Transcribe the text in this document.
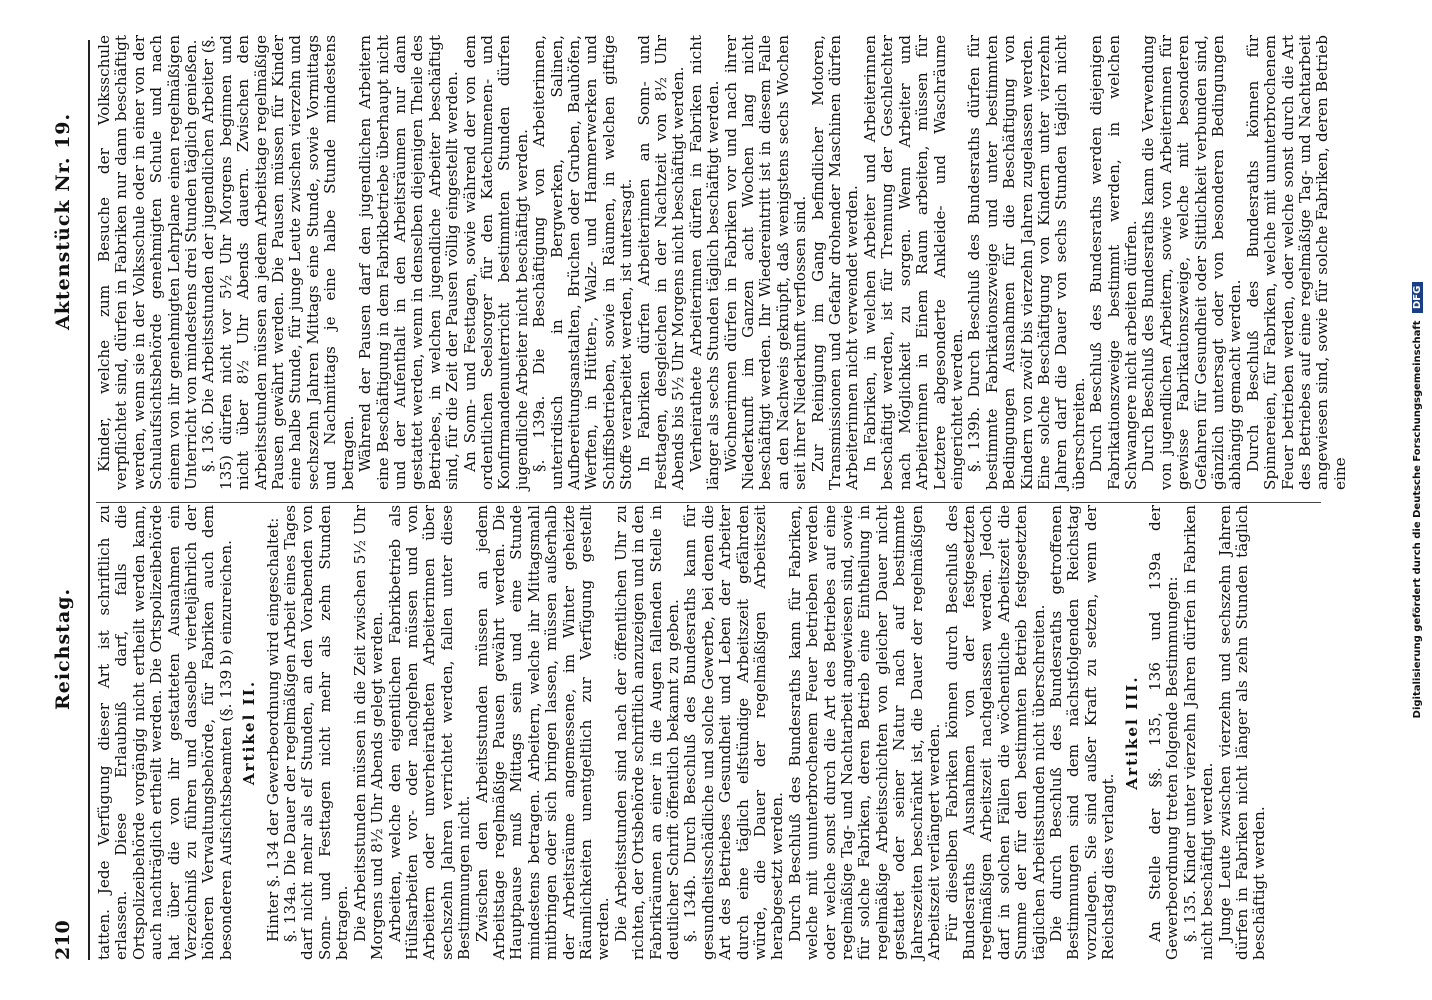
210
Reichstag.
Aktenstück Nr. 19.

tatten. Jede Verfügung dieser Art ist schriftlich zu erlassen. Diese Erlaubniß darf, falls die Ortspolizeibehörde vorgängig nicht ertheilt werden kann, auch nachträglich ertheilt werden. Die Ortspolizeibehörde hat über die von ihr gestatteten Ausnahmen ein Verzeichniß zu führen und dasselbe vierteljährlich der höheren Verwaltungsbehörde, für Fabriken auch dem besonderen Aufsichtsbeamten (§. 139 b) einzureichen. Artikel II. Hinter §. 134 der Gewerbeordnung wird eingeschaltet: §. 134a. Die Dauer der regelmäßigen Arbeit eines Tages darf nicht mehr als elf Stunden, an den Vorabenden von Sonn- und Festtagen nicht mehr als zehn Stunden betragen. Die Arbeitsstunden müssen in die Zeit zwischen 5½ Uhr Morgens und 8½ Uhr Abends gelegt werden. Arbeiten, welche den eigentlichen Fabrikbetrieb als Hülfsarbeiten vor- oder nachgehen müssen und von Arbeitern oder unverheiratheten Arbeiterinnen über sechszehn Jahren verrichtet werden, fallen unter diese Bestimmungen nicht. Zwischen den Arbeitsstunden müssen an jedem Arbeitstage regelmäßige Pausen gewährt werden. Die Hauptpause muß Mittags sein und eine Stunde mindestens betragen. Arbeitern, welche ihr Mittagsmahl mitbringen oder sich bringen lassen, müssen außerhalb der Arbeitsräume angemessene, im Winter geheizte Räumlichkeiten unentgeltlich zur Verfügung gestellt werden. Die Arbeitsstunden sind nach der öffentlichen Uhr zu richten, der Ortsbehörde schriftlich anzuzeigen und in den Fabrikräumen an einer in die Augen fallenden Stelle in deutlicher Schrift öffentlich bekannt zu geben. §. 134b. Durch Beschluß des Bundesraths kann für gesundheitsschädliche und solche Gewerbe, bei denen die Art des Betriebes Gesundheit und Leben der Arbeiter durch eine täglich elfstündige Arbeitszeit gefährden würde, die Dauer der regelmäßigen Arbeitszeit herabgesetzt werden. Durch Beschluß des Bundesraths kann für Fabriken, welche mit ununterbrochenem Feuer betrieben werden oder welche sonst durch die Art des Betriebes auf eine regelmäßige Tag- und Nachtarbeit angewiesen sind, sowie für solche Fabriken, deren Betrieb eine Eintheilung in regelmäßige Arbeitsschichten von gleicher Dauer nicht gestattet oder seiner Natur nach auf bestimmte Jahreszeiten beschränkt ist, die Dauer der regelmäßigen Arbeitszeit verlängert werden. Für dieselben Fabriken können durch Beschluß des Bundesraths Ausnahmen von der festgesetzten regelmäßigen Arbeitszeit nachgelassen werden. Jedoch darf in solchen Fällen die wöchentliche Arbeitszeit die Summe der für den bestimmten Betrieb festgesetzten täglichen Arbeitsstunden nicht überschreiten. Die durch Beschluß des Bundesraths getroffenen Bestimmungen sind dem nächstfolgenden Reichstag vorzulegen. Sie sind außer Kraft zu setzen, wenn der Reichstag dies verlangt.

Artikel III. An Stelle der §§. 135, 136 und 139a der Gewerbeordnung treten folgende Bestimmungen: §. 135. Kinder unter vierzehn Jahren dürfen in Fabriken nicht beschäftigt werden. Junge Leute zwischen vierzehn und sechszehn Jahren dürfen in Fabriken nicht länger als zehn Stunden täglich beschäftigt werden.

Kinder, welche zum Besuche der Volksschule verpflichtet sind, dürfen in Fabriken nur dann beschäftigt werden, wenn sie in der Volksschule oder in einer von der Schulaufsichtsbehörde genehmigten Schule und nach einem von ihr genehmigten Lehrplane einen regelmäßigen Unterricht von mindestens drei Stunden täglich genießen. §. 136. Die Arbeitsstunden der jugendlichen Arbeiter (§. 135) dürfen nicht vor 5½ Uhr Morgens beginnen und nicht über 8½ Uhr Abends dauern. Zwischen den Arbeitsstunden müssen an jedem Arbeitstage regelmäßige Pausen gewährt werden. Die Pausen müssen für Kinder eine halbe Stunde, für junge Leute zwischen vierzehn und sechszehn Jahren Mittags eine Stunde, sowie Vormittags und Nachmittags je eine halbe Stunde mindestens betragen. Während der Pausen darf den jugendlichen Arbeitern eine Beschäftigung in dem Fabrikbetriebe überhaupt nicht und der Aufenthalt in den Arbeitsräumen nur dann gestattet werden, wenn in denselben diejenigen Theile des Betriebes, in welchen jugendliche Arbeiter beschäftigt sind, für die Zeit der Pausen völlig eingestellt werden. An Sonn- und Festtagen, sowie während der von dem ordentlichen Seelsorger für den Katechumenen- und Konfirmandenunterricht bestimmten Stunden dürfen jugendliche Arbeiter nicht beschäftigt werden. §. 139a. Die Beschäftigung von Arbeiterinnen, unterirdisch in Bergwerken, Salinen, Aufbereitungsanstalten, Brüchen oder Gruben, Bauhöfen, Werften, in Hütten-, Walz- und Hammerwerken und Schiffsbetrieben, sowie in Räumen, in welchen giftige Stoffe verarbeitet werden, ist untersagt. In Fabriken dürfen Arbeiterinnen an Sonn- und Festtagen, desgleichen in der Nachtzeit von 8½ Uhr Abends bis 5½ Uhr Morgens nicht beschäftigt werden. Verheirathete Arbeiterinnen dürfen in Fabriken nicht länger als sechs Stunden täglich beschäftigt werden. Wöchnerinnen dürfen in Fabriken vor und nach ihrer Niederkunft im Ganzen acht Wochen lang nicht beschäftigt werden. Ihr Wiedereintritt ist in diesem Falle an den Nachweis geknüpft, daß wenigstens sechs Wochen seit ihrer Niederkunft verflossen sind. Zur Reinigung im Gang befindlicher Motoren, Transmissionen und Gefahr drohender Maschinen dürfen Arbeiterinnen nicht verwendet werden. In Fabriken, in welchen Arbeiter und Arbeiterinnen beschäftigt werden, ist für Trennung der Geschlechter nach Möglichkeit zu sorgen. Wenn Arbeiter und Arbeiterinnen in Einem Raum arbeiten, müssen für Letztere abgesonderte Ankleide- und Waschräume eingerichtet werden. §. 139b. Durch Beschluß des Bundesraths dürfen für bestimmte Fabrikationszweige und unter bestimmten Bedingungen Ausnahmen für die Beschäftigung von Kindern von zwölf bis vierzehn Jahren zugelassen werden. Eine solche Beschäftigung von Kindern unter vierzehn Jahren darf die Dauer von sechs Stunden täglich nicht überschreiten. Durch Beschluß des Bundesraths werden diejenigen Fabrikationszweige bestimmt werden, in welchen Schwangere nicht arbeiten dürfen. Durch Beschluß des Bundesraths kann die Verwendung von jugendlichen Arbeitern, sowie von Arbeiterinnen für gewisse Fabrikationszweige, welche mit besonderen Gefahren für Gesundheit oder Sittlichkeit verbunden sind, gänzlich untersagt oder von besonderen Bedingungen abhängig gemacht werden. Durch Beschluß des Bundesraths können für Spinnereien, für Fabriken, welche mit ununterbrochenem Feuer betrieben werden, oder welche sonst durch die Art des Betriebes auf eine regelmäßige Tag- und Nachtarbeit angewiesen sind, sowie für solche Fabriken, deren Betrieb eine	Digitalisierung gefördert durch die Deutsche Forschungsgemeinschaft DFG
